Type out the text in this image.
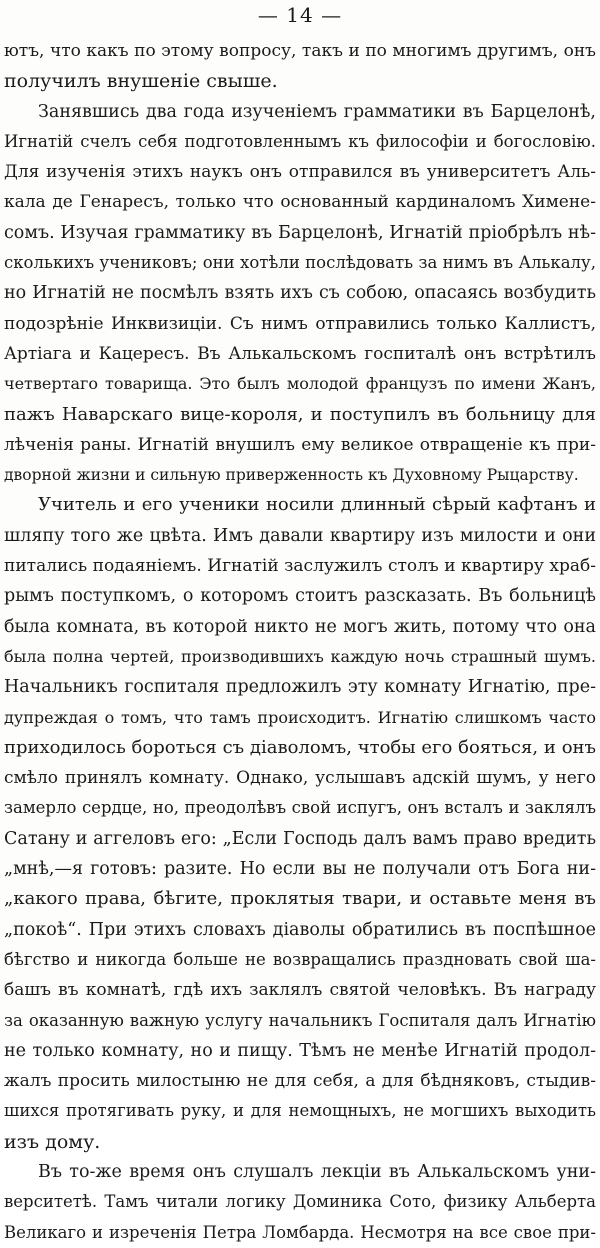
— 14 —
ютъ, что какъ по этому вопросу, такъ и по многимъ другимъ, онъ
получилъ внушеніе свыше.
Занявшись два года изученіемъ грамматики въ Барцелонѣ,
Игнатій счелъ себя подготовленнымъ къ философіи и богословію.
Для изученія этихъ наукъ онъ отправился въ университетъ Аль-
кала де Генаресъ, только что основанный кардиналомъ Химене-
сомъ. Изучая грамматику въ Барцелонѣ, Игнатій пріобрѣлъ нѣ-
сколькихъ учениковъ; они хотѣли послѣдовать за нимъ въ Алькалу,
но Игнатій не посмѣлъ взять ихъ съ собою, опасаясь возбудить
подозрѣніе Инквизиціи. Съ нимъ отправились только Каллистъ,
Артіага и Кацересъ. Въ Алькальскомъ госпиталѣ онъ встрѣтилъ
четвертаго товарища. Это былъ молодой французъ по имени Жанъ,
пажъ Наваpскаго вице-короля, и поступилъ въ больницу для
лѣченія раны. Игнатій внушилъ ему великое отвращеніе къ при-
дворной жизни и сильную приверженность къ Духовному Рыцарству.
Учитель и его ученики носили длинный сѣрый кафтанъ и
шляпу того же цвѣта. Имъ давали квартиру изъ милости и они
питались подаяніемъ. Игнатій заслужилъ столъ и квартиру храб-
рымъ поступкомъ, о которомъ стоитъ разсказать. Въ больницѣ
была комната, въ которой никто не могъ жить, потому что она
была полна чертей, производившихъ каждую ночь страшный шумъ.
Начальникъ госпиталя предложилъ эту комнату Игнатію, пре-
дупреждая о томъ, что тамъ происходитъ. Игнатію слишкомъ часто
приходилось бороться съ діаволомъ, чтобы его бояться, и онъ
смѣло принялъ комнату. Однако, услышавъ адскій шумъ, у него
замерло сердце, но, преодолѣвъ свой испугъ, онъ всталъ и заклялъ
Сатану и аггеловъ его: „Если Господь далъ вамъ право вредить
„мнѣ,—я готовъ: разите. Но если вы не получали отъ Бога ни-
„какого права, бѣгите, проклятыя твари, и оставьте меня въ
„покоѣ“. При этихъ словахъ діаволы обратились въ поспѣшное
бѣгство и никогда больше не возвращались праздновать свой ша-
башъ въ комнатѣ, гдѣ ихъ заклялъ святой человѣкъ. Въ награду
за оказанную важную услугу начальникъ Госпиталя далъ Игнатію
не только комнату, но и пищу. Тѣмъ не менѣе Игнатій продол-
жалъ просить милостыню не для себя, а для бѣдняковъ, стыдив-
шихся протягивать руку, и для немощныхъ, не могшихъ выходить
изъ дому.
Въ то-же время онъ слушалъ лекціи въ Алькальскомъ уни-
верситетѣ. Тамъ читали логику Доминика Сото, физику Альберта
Великаго и изреченія Петра Ломбарда. Несмотря на все свое при-
